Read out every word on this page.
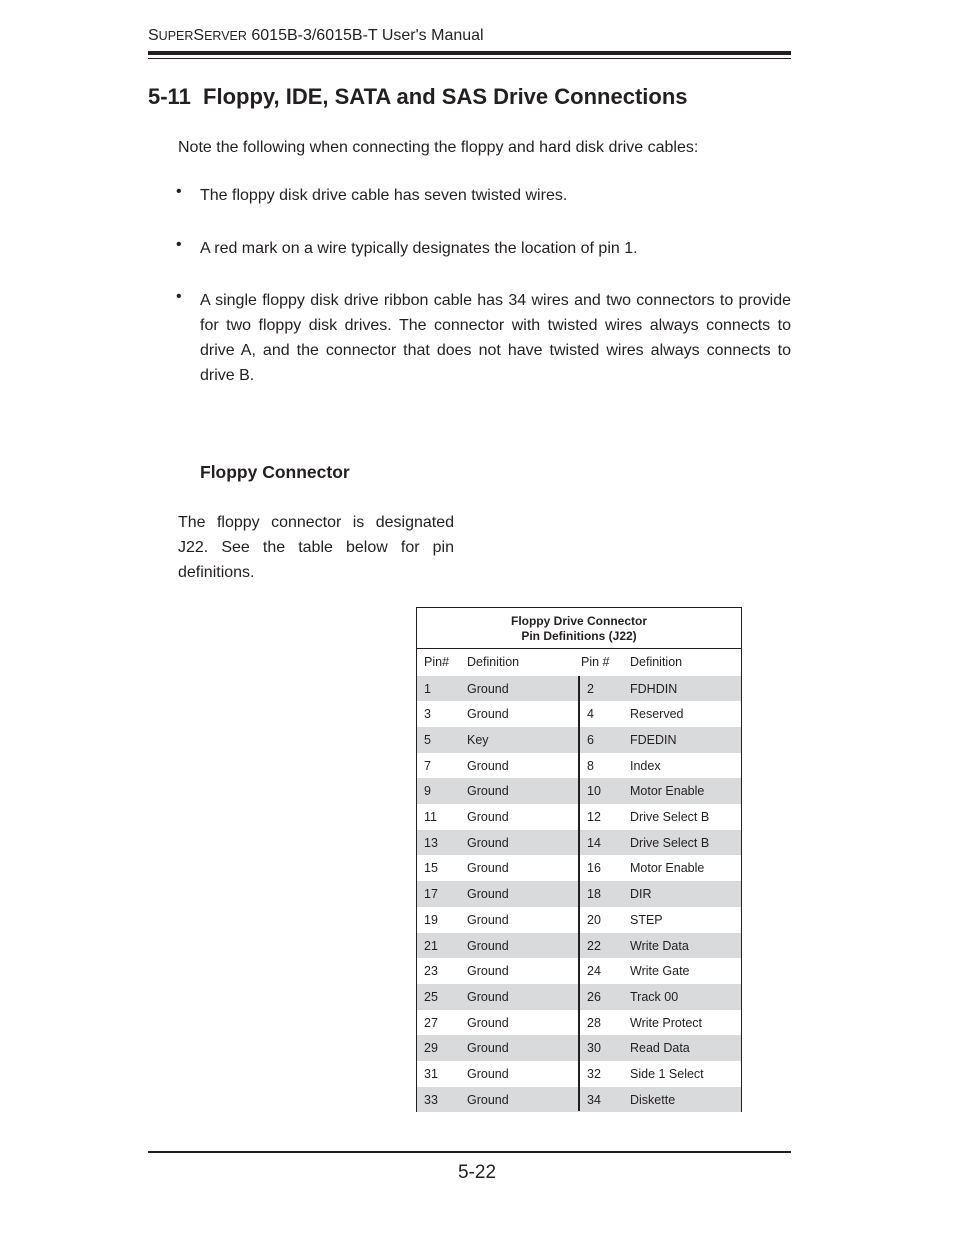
SUPERSERVER 6015B-3/6015B-T User's Manual
5-11  Floppy, IDE, SATA and SAS Drive Connections
Note the following when connecting the floppy and hard disk drive cables:
• The floppy disk drive cable has seven twisted wires.
• A red mark on a wire typically designates the location of pin 1.
• A single floppy disk drive ribbon cable has 34 wires and two connectors to provide for two floppy disk drives. The connector with twisted wires always connects to drive A, and the connector that does not have twisted wires always connects to drive B.
Floppy Connector
The floppy connector is designated J22. See the table below for pin definitions.
Floppy Drive Connector
Pin Definitions (J22)
Pin# Definition	Pin # Definition
1	Ground	2	FDHDIN
3	Ground	4	Reserved
5	Key	6	FDEDIN
7	Ground	8	Index
9	Ground	10 Motor Enable
11 Ground	12 Drive Select B
13 Ground	14 Drive Select B
15 Ground	16 Motor Enable
17 Ground	18 DIR
19 Ground	20 STEP
21 Ground	22 Write Data
23 Ground	24 Write Gate
25 Ground	26 Track 00
27 Ground	28 Write Protect
29 Ground	30 Read Data
31 Ground	32 Side 1 Select
33 Ground	34 Diskette
5-22
